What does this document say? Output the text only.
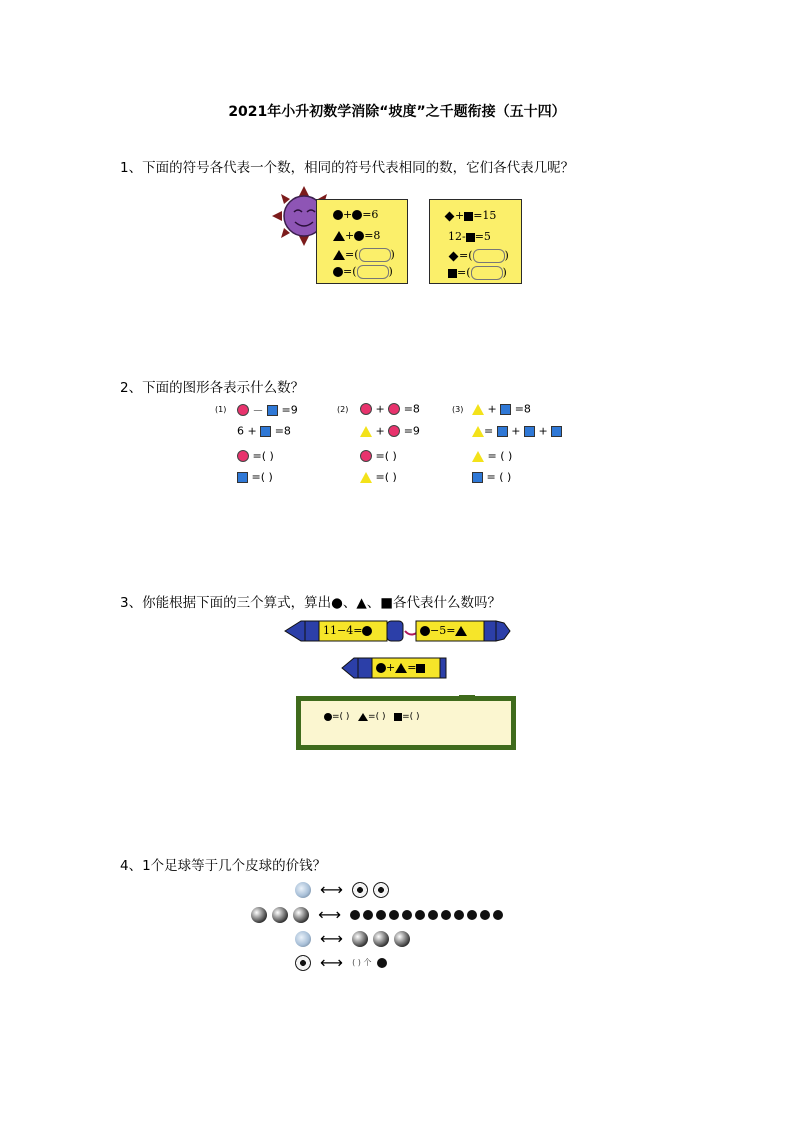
2021年小升初数学消除“坡度”之千题衔接（五十四）
1、下面的符号各代表一个数，相同的符号代表相同的数，它们各代表几呢？
+ =6
+ =8
=(	)
=(	)
+ =15
12- =5
=(	)
=(	)
2、下面的图形各表示什么数？
(1)	－ =9
6 + =8
=( )
=( )
(2)	+ =8
+ =9
=( )
=( )
(3)	+ =8
= + +
= ( )
= ( )
3、你能根据下面的三个算式，算出●、▲、■各代表什么数吗？
11−4=	−5=
+ =
=( ) =( ) =( )
4、1个足球等于几个皮球的价钱？
⟷
⟷
⟷
⟷ ( ) 个
